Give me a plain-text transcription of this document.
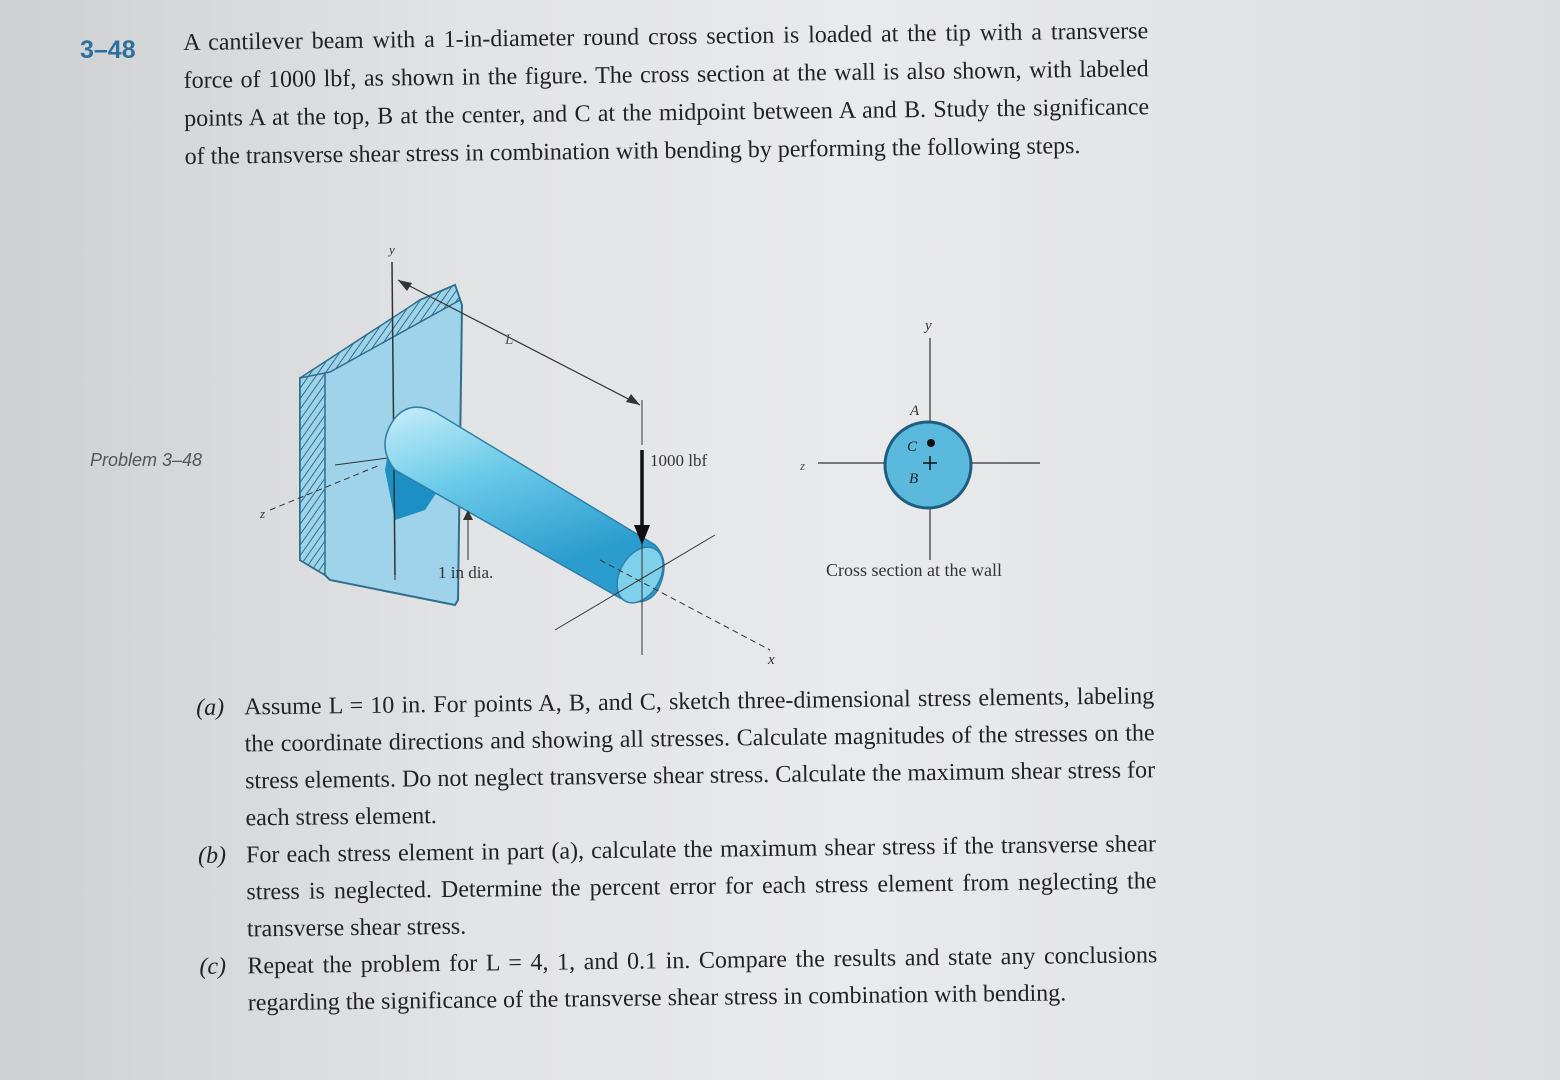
3–48 A cantilever beam with a 1-in-diameter round cross section is loaded at the tip with a transverse force of 1000 lbf, as shown in the figure. The cross section at the wall is also shown, with labeled points A at the top, B at the center, and C at the midpoint between A and B. Study the significance of the transverse shear stress in combination with bending by performing the following steps.
Problem 3–48
y
z
x
L
1000 lbf
1 in dia.
y
z
A
C
B
Cross section at the wall
(a) Assume L = 10 in. For points A, B, and C, sketch three-dimensional stress elements, labeling the coordinate directions and showing all stresses. Calculate magnitudes of the stresses on the stress elements. Do not neglect transverse shear stress. Calculate the maximum shear stress for each stress element.
(b) For each stress element in part (a), calculate the maximum shear stress if the transverse shear stress is neglected. Determine the percent error for each stress element from neglecting the transverse shear stress.
(c) Repeat the problem for L = 4, 1, and 0.1 in. Compare the results and state any conclusions regarding the significance of the transverse shear stress in combination with bending.
